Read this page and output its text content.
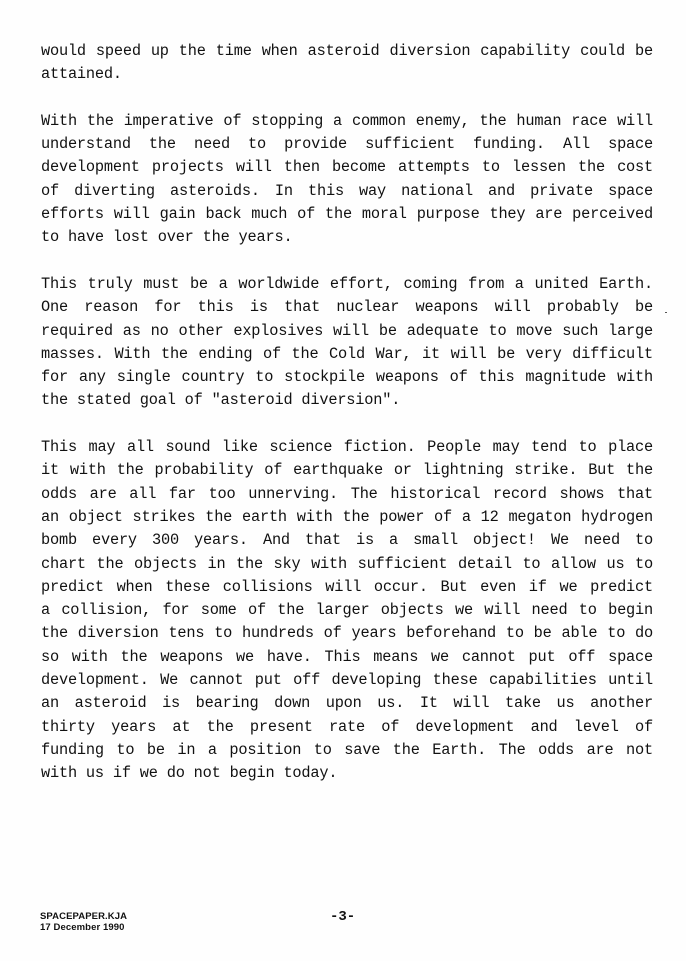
would speed up the time when asteroid diversion capability could be
attained.
With the imperative of stopping a common enemy, the human race will
understand the need to provide sufficient funding. All space
development projects will then become attempts to lessen the cost
of diverting asteroids. In this way national and private space
efforts will gain back much of the moral purpose they are perceived
to have lost over the years.
This truly must be a worldwide effort, coming from a united Earth.
One reason for this is that nuclear weapons will probably be
required as no other explosives will be adequate to move such large
masses. With the ending of the Cold War, it will be very difficult
for any single country to stockpile weapons of this magnitude with
the stated goal of "asteroid diversion".
This may all sound like science fiction. People may tend to place
it with the probability of earthquake or lightning strike. But the
odds are all far too unnerving. The historical record shows that
an object strikes the earth with the power of a 12 megaton hydrogen
bomb every 300 years. And that is a small object! We need to
chart the objects in the sky with sufficient detail to allow us to
predict when these collisions will occur. But even if we predict
a collision, for some of the larger objects we will need to begin
the diversion tens to hundreds of years beforehand to be able to do
so with the weapons we have. This means we cannot put off space
development. We cannot put off developing these capabilities until
an asteroid is bearing down upon us. It will take us another
thirty years at the present rate of development and level of
funding to be in a position to save the Earth. The odds are not
with us if we do not begin today.
SPACEPAPER.KJA
17 December 1990
-3-
